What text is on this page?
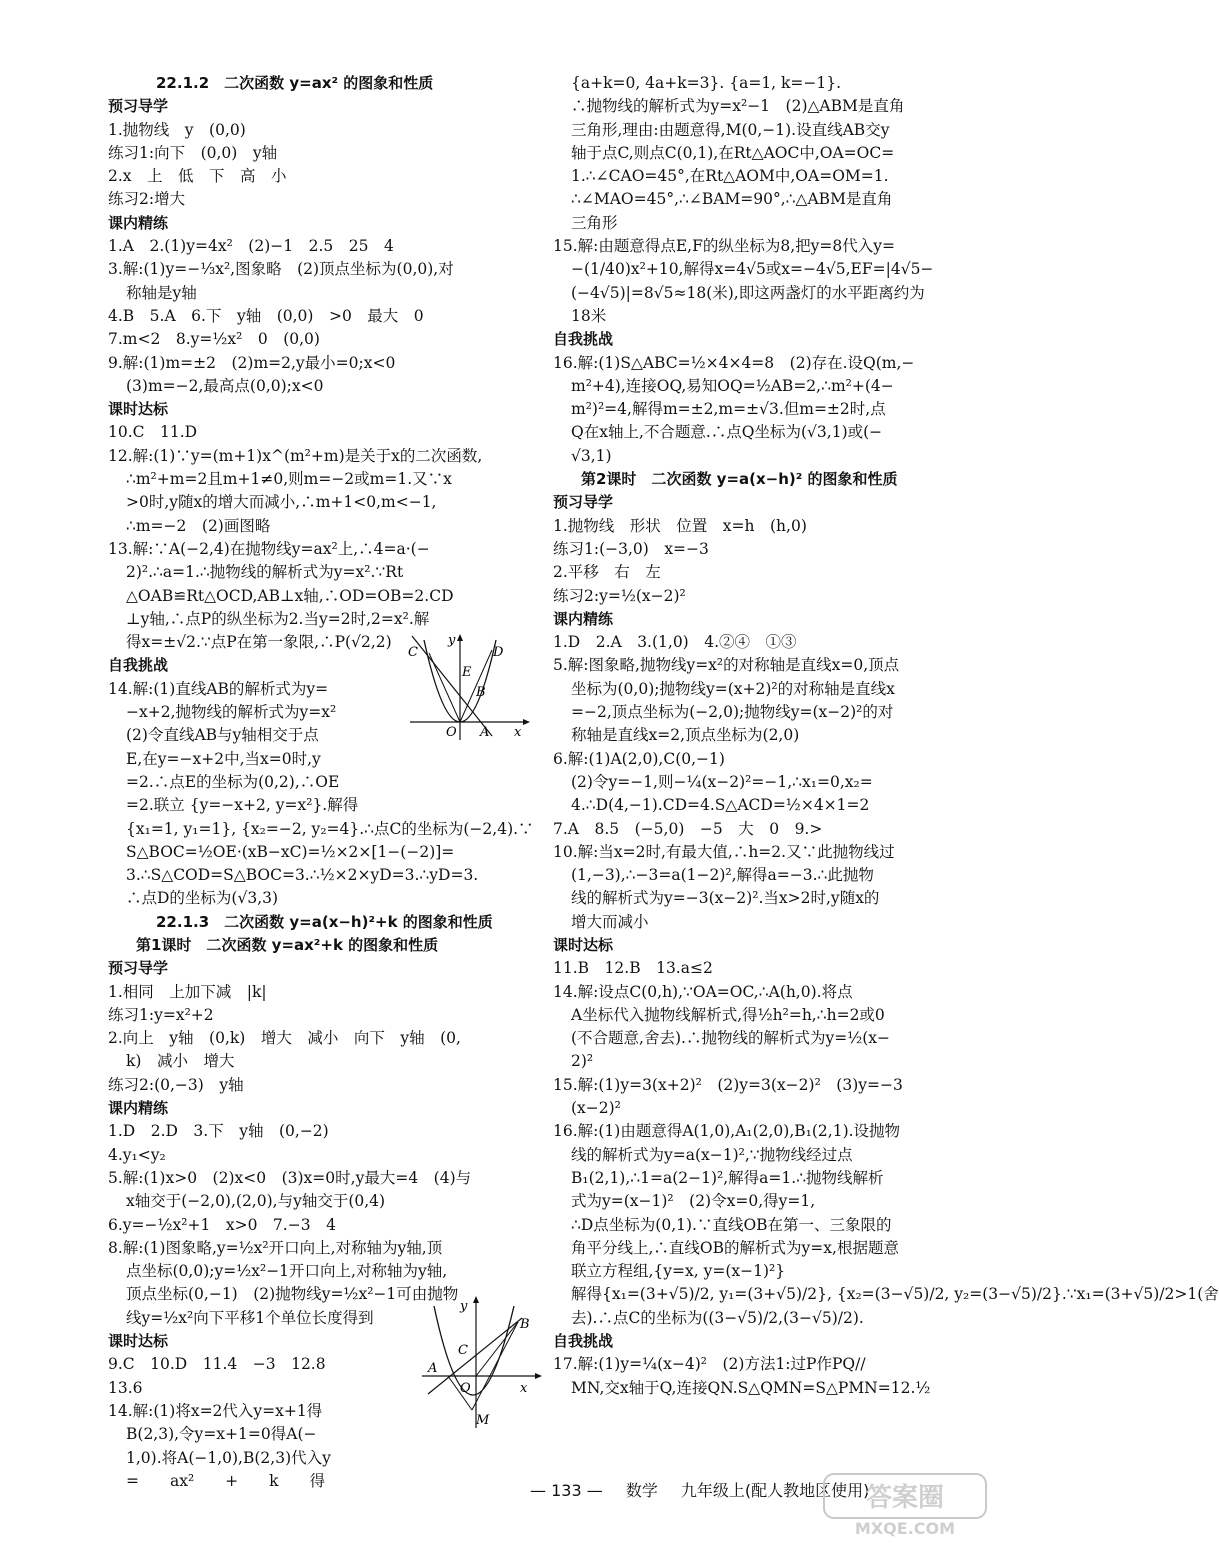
22.1.2　二次函数 y=ax² 的图象和性质
预习导学
1.抛物线　y　(0,0)
练习1:向下　(0,0)　y轴
2.x　上　低　下　高　小
练习2:增大
课内精练
1.A　2.(1)y=4x²　(2)−1　2.5　25　4
3.解:(1)y=−⅓x²,图象略　(2)顶点坐标为(0,0),对
称轴是y轴
4.B　5.A　6.下　y轴　(0,0)　>0　最大　0
7.m<2　8.y=½x²　0　(0,0)
9.解:(1)m=±2　(2)m=2,y最小=0;x<0
(3)m=−2,最高点(0,0);x<0
课时达标
10.C　11.D
12.解:(1)∵y=(m+1)x^(m²+m)是关于x的二次函数,
∴m²+m=2且m+1≠0,则m=−2或m=1.又∵x
>0时,y随x的增大而减小,∴m+1<0,m<−1,
∴m=−2　(2)画图略
13.解:∵A(−2,4)在抛物线y=ax²上,∴4=a·(−
2)².∴a=1.∴抛物线的解析式为y=x².∵Rt
△OAB≌Rt△OCD,AB⊥x轴,∴OD=OB=2.CD
⊥y轴,∴点P的纵坐标为2.当y=2时,2=x².解
得x=±√2.∵点P在第一象限,∴P(√2,2)
自我挑战
14.解:(1)直线AB的解析式为y=
−x+2,抛物线的解析式为y=x²
(2)令直线AB与y轴相交于点
E,在y=−x+2中,当x=0时,y
=2.∴点E的坐标为(0,2),∴OE
=2.联立 {y=−x+2, y=x²}.解得
{x₁=1, y₁=1}, {x₂=−2, y₂=4}.∴点C的坐标为(−2,4).∵
S△BOC=½OE·(xB−xC)=½×2×[1−(−2)]=
3.∴S△COD=S△BOC=3.∴½×2×yD=3.∴yD=3.
∴点D的坐标为(√3,3)
22.1.3　二次函数 y=a(x−h)²+k 的图象和性质
第1课时　二次函数 y=ax²+k 的图象和性质
预习导学
1.相同　上加下减　|k|
练习1:y=x²+2
2.向上　y轴　(0,k)　增大　减小　向下　y轴　(0,
k)　减小　增大
练习2:(0,−3)　y轴
课内精练
1.D　2.D　3.下　y轴　(0,−2)
4.y₁<y₂
5.解:(1)x>0　(2)x<0　(3)x=0时,y最大=4　(4)与
x轴交于(−2,0),(2,0),与y轴交于(0,4)
6.y=−½x²+1　x>0　7.−3　4
8.解:(1)图象略,y=½x²开口向上,对称轴为y轴,顶
点坐标(0,0);y=½x²−1开口向上,对称轴为y轴,
顶点坐标(0,−1)　(2)抛物线y=½x²−1可由抛物
线y=½x²向下平移1个单位长度得到
课时达标
9.C　10.D　11.4　−3　12.8
13.6
14.解:(1)将x=2代入y=x+1得
B(2,3),令y=x+1=0得A(−
1,0).将A(−1,0),B(2,3)代入y
=　　ax²　　+　　k　　得
{a+k=0, 4a+k=3}. {a=1, k=−1}.
∴抛物线的解析式为y=x²−1　(2)△ABM是直角
三角形,理由:由题意得,M(0,−1).设直线AB交y
轴于点C,则点C(0,1),在Rt△AOC中,OA=OC=
1.∴∠CAO=45°,在Rt△AOM中,OA=OM=1.
∴∠MAO=45°,∴∠BAM=90°,∴△ABM是直角
三角形
15.解:由题意得点E,F的纵坐标为8,把y=8代入y=
−(1/40)x²+10,解得x=4√5或x=−4√5,EF=|4√5−
(−4√5)|=8√5≈18(米),即这两盏灯的水平距离约为
18米
自我挑战
16.解:(1)S△ABC=½×4×4=8　(2)存在.设Q(m,−
m²+4),连接OQ,易知OQ=½AB=2,∴m²+(4−
m²)²=4,解得m=±2,m=±√3.但m=±2时,点
Q在x轴上,不合题意.∴点Q坐标为(√3,1)或(−
√3,1)
第2课时　二次函数 y=a(x−h)² 的图象和性质
预习导学
1.抛物线　形状　位置　x=h　(h,0)
练习1:(−3,0)　x=−3
2.平移　右　左
练习2:y=½(x−2)²
课内精练
1.D　2.A　3.(1,0)　4.②④　①③
5.解:图象略,抛物线y=x²的对称轴是直线x=0,顶点
坐标为(0,0);抛物线y=(x+2)²的对称轴是直线x
=−2,顶点坐标为(−2,0);抛物线y=(x−2)²的对
称轴是直线x=2,顶点坐标为(2,0)
6.解:(1)A(2,0),C(0,−1)
(2)令y=−1,则−¼(x−2)²=−1,∴x₁=0,x₂=
4.∴D(4,−1).CD=4.S△ACD=½×4×1=2
7.A　8.5　(−5,0)　−5　大　0　9.>
10.解:当x=2时,有最大值,∴h=2.又∵此抛物线过
(1,−3),∴−3=a(1−2)²,解得a=−3.∴此抛物
线的解析式为y=−3(x−2)².当x>2时,y随x的
增大而减小
课时达标
11.B　12.B　13.a≤2
14.解:设点C(0,h),∵OA=OC,∴A(h,0).将点
A坐标代入抛物线解析式,得½h²=h,∴h=2或0
(不合题意,舍去).∴抛物线的解析式为y=½(x−
2)²
15.解:(1)y=3(x+2)²　(2)y=3(x−2)²　(3)y=−3
(x−2)²
16.解:(1)由题意得A(1,0),A₁(2,0),B₁(2,1).设抛物
线的解析式为y=a(x−1)²,∵抛物线经过点
B₁(2,1),∴1=a(2−1)²,解得a=1.∴抛物线解析
式为y=(x−1)²　(2)令x=0,得y=1,
∴D点坐标为(0,1).∵直线OB在第一、三象限的
角平分线上,∴直线OB的解析式为y=x,根据题意
联立方程组,{y=x, y=(x−1)²}
解得{x₁=(3+√5)/2, y₁=(3+√5)/2}, {x₂=(3−√5)/2, y₂=(3−√5)/2}.∵x₁=(3+√5)/2>1(舍
去).∴点C的坐标为((3−√5)/2,(3−√5)/2).
自我挑战
17.解:(1)y=¼(x−4)²　(2)方法1:过P作PQ//
MN,交x轴于Q,连接QN.S△QMN=S△PMN=12.½
y
C	D
E
B
O A x
y
B
C
A
O	x
M
— 133 — 数学 九年级上(配人教地区使用)
答案圈
MXQE.COM
